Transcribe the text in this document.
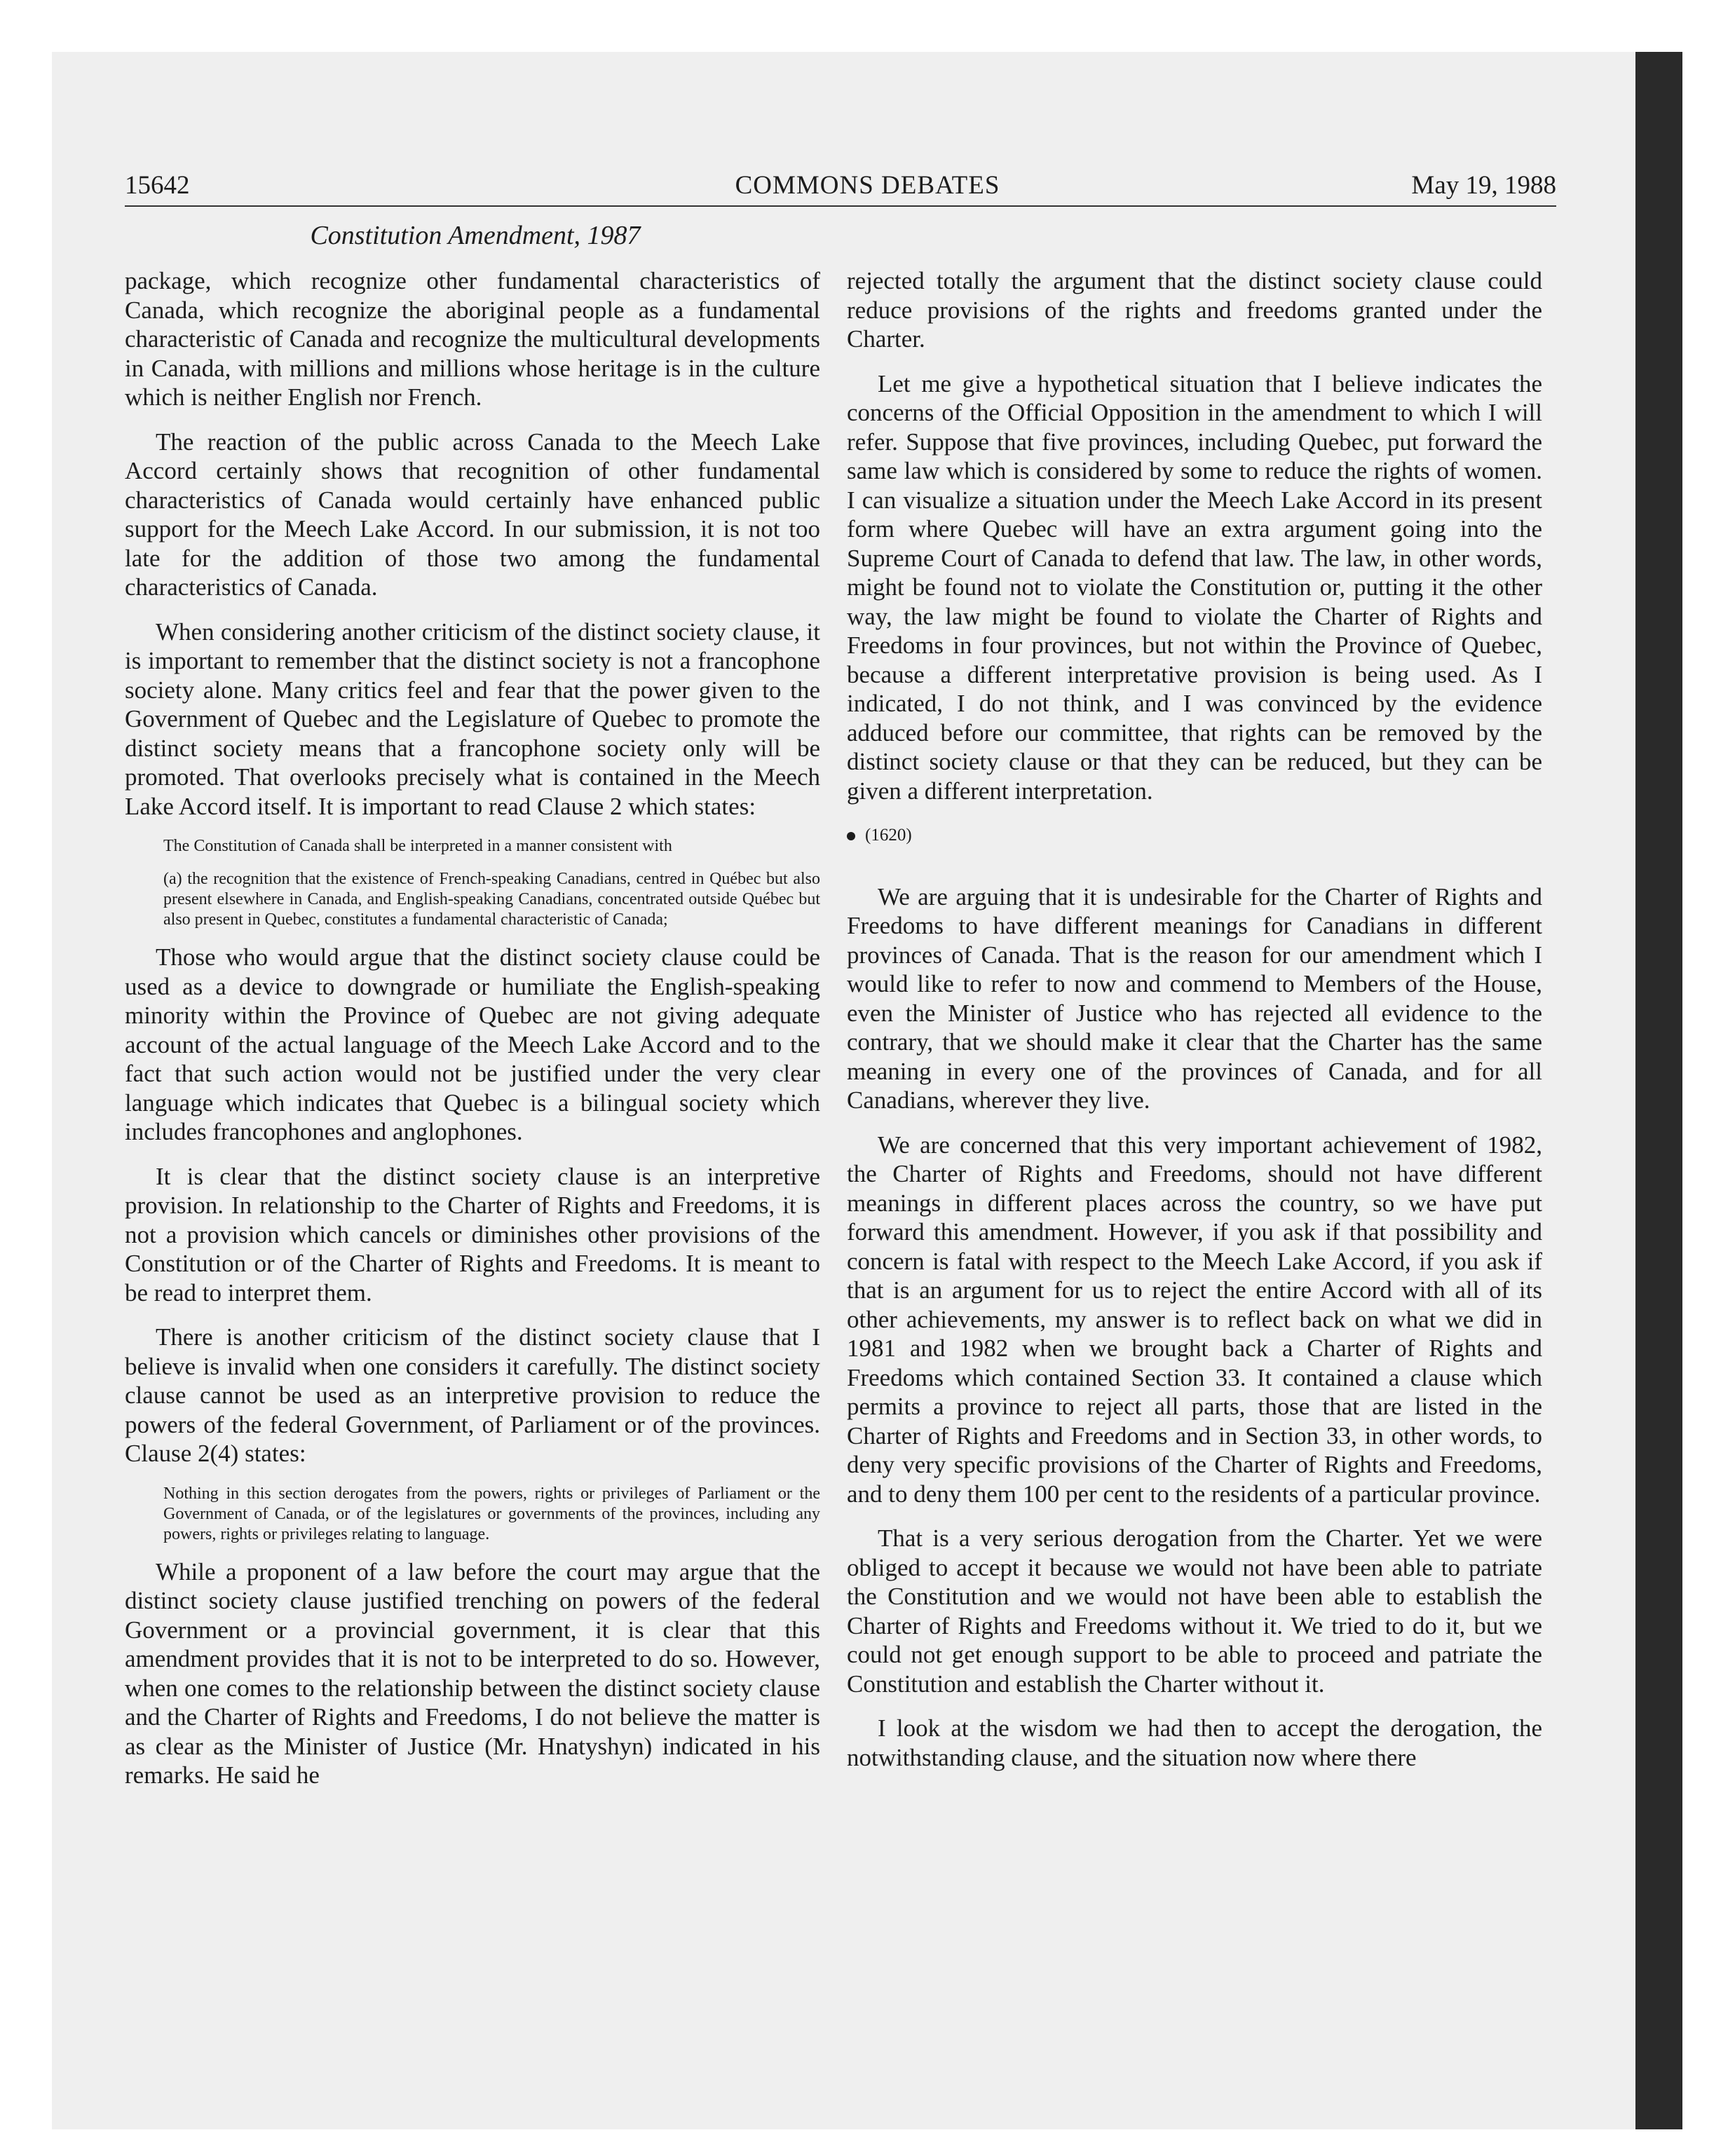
15642	COMMONS DEBATES	May 19, 1988
Constitution Amendment, 1987

package, which recognize other fundamental characteristics of Canada, which recognize the aboriginal people as a fundamental characteristic of Canada and recognize the multicultural developments in Canada, with millions and millions whose heritage is in the culture which is neither English nor French.

The reaction of the public across Canada to the Meech Lake Accord certainly shows that recognition of other fundamental characteristics of Canada would certainly have enhanced public support for the Meech Lake Accord. In our submission, it is not too late for the addition of those two among the fundamental characteristics of Canada.

When considering another criticism of the distinct society clause, it is important to remember that the distinct society is not a francophone society alone. Many critics feel and fear that the power given to the Government of Quebec and the Legislature of Quebec to promote the distinct society means that a francophone society only will be promoted. That overlooks precisely what is contained in the Meech Lake Accord itself. It is important to read Clause 2 which states:

The Constitution of Canada shall be interpreted in a manner consistent with

(a) the recognition that the existence of French-speaking Canadians, centred in Québec but also present elsewhere in Canada, and English-speaking Canadians, concentrated outside Québec but also present in Quebec, constitutes a fundamental characteristic of Canada;

Those who would argue that the distinct society clause could be used as a device to downgrade or humiliate the English-speaking minority within the Province of Quebec are not giving adequate account of the actual language of the Meech Lake Accord and to the fact that such action would not be justified under the very clear language which indicates that Quebec is a bilingual society which includes francophones and anglophones.

It is clear that the distinct society clause is an interpretive provision. In relationship to the Charter of Rights and Freedoms, it is not a provision which cancels or diminishes other provisions of the Constitution or of the Charter of Rights and Freedoms. It is meant to be read to interpret them.

There is another criticism of the distinct society clause that I believe is invalid when one considers it carefully. The distinct society clause cannot be used as an interpretive provision to reduce the powers of the federal Government, of Parliament or of the provinces. Clause 2(4) states:

Nothing in this section derogates from the powers, rights or privileges of Parliament or the Government of Canada, or of the legislatures or governments of the provinces, including any powers, rights or privileges relating to language.

While a proponent of a law before the court may argue that the distinct society clause justified trenching on powers of the federal Government or a provincial government, it is clear that this amendment provides that it is not to be interpreted to do so. However, when one comes to the relationship between the distinct society clause and the Charter of Rights and Freedoms, I do not believe the matter is as clear as the Minister of Justice (Mr. Hnatyshyn) indicated in his remarks. He said he

rejected totally the argument that the distinct society clause could reduce provisions of the rights and freedoms granted under the Charter.

Let me give a hypothetical situation that I believe indicates the concerns of the Official Opposition in the amendment to which I will refer. Suppose that five provinces, including Quebec, put forward the same law which is considered by some to reduce the rights of women. I can visualize a situation under the Meech Lake Accord in its present form where Quebec will have an extra argument going into the Supreme Court of Canada to defend that law. The law, in other words, might be found not to violate the Constitution or, putting it the other way, the law might be found to violate the Charter of Rights and Freedoms in four provinces, but not within the Province of Quebec, because a different interpretative provision is being used. As I indicated, I do not think, and I was convinced by the evidence adduced before our committee, that rights can be removed by the distinct society clause or that they can be reduced, but they can be given a different interpretation.

(1620)

We are arguing that it is undesirable for the Charter of Rights and Freedoms to have different meanings for Canadians in different provinces of Canada. That is the reason for our amendment which I would like to refer to now and commend to Members of the House, even the Minister of Justice who has rejected all evidence to the contrary, that we should make it clear that the Charter has the same meaning in every one of the provinces of Canada, and for all Canadians, wherever they live.

We are concerned that this very important achievement of 1982, the Charter of Rights and Freedoms, should not have different meanings in different places across the country, so we have put forward this amendment. However, if you ask if that possibility and concern is fatal with respect to the Meech Lake Accord, if you ask if that is an argument for us to reject the entire Accord with all of its other achievements, my answer is to reflect back on what we did in 1981 and 1982 when we brought back a Charter of Rights and Freedoms which contained Section 33. It contained a clause which permits a province to reject all parts, those that are listed in the Charter of Rights and Freedoms and in Section 33, in other words, to deny very specific provisions of the Charter of Rights and Freedoms, and to deny them 100 per cent to the residents of a particular province.

That is a very serious derogation from the Charter. Yet we were obliged to accept it because we would not have been able to patriate the Constitution and we would not have been able to establish the Charter of Rights and Freedoms without it. We tried to do it, but we could not get enough support to be able to proceed and patriate the Constitution and establish the Charter without it.

I look at the wisdom we had then to accept the derogation, the notwithstanding clause, and the situation now where there
